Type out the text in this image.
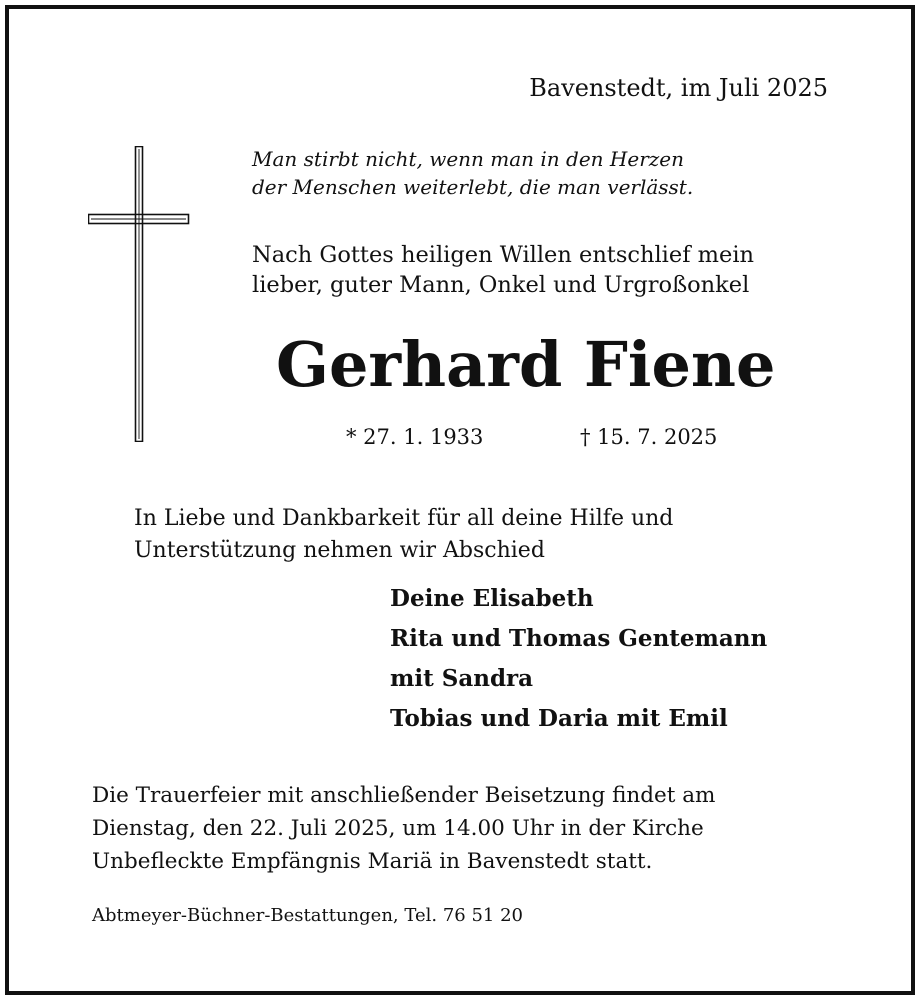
Bavenstedt, im Juli 2025
Man stirbt nicht, wenn man in den Herzen
der Menschen weiterlebt, die man verlässt.
Nach Gottes heiligen Willen entschlief mein
lieber, guter Mann, Onkel und Urgroßonkel
Gerhard Fiene
* 27. 1. 1933	† 15. 7. 2025
In Liebe und Dankbarkeit für all deine Hilfe und
Unterstützung nehmen wir Abschied
Deine Elisabeth
Rita und Thomas Gentemann
mit Sandra
Tobias und Daria mit Emil
Die Trauerfeier mit anschließender Beisetzung findet am
Dienstag, den 22. Juli 2025, um 14.00 Uhr in der Kirche
Unbefleckte Empfängnis Mariä in Bavenstedt statt.
Abtmeyer-Büchner-Bestattungen, Tel. 76 51 20
